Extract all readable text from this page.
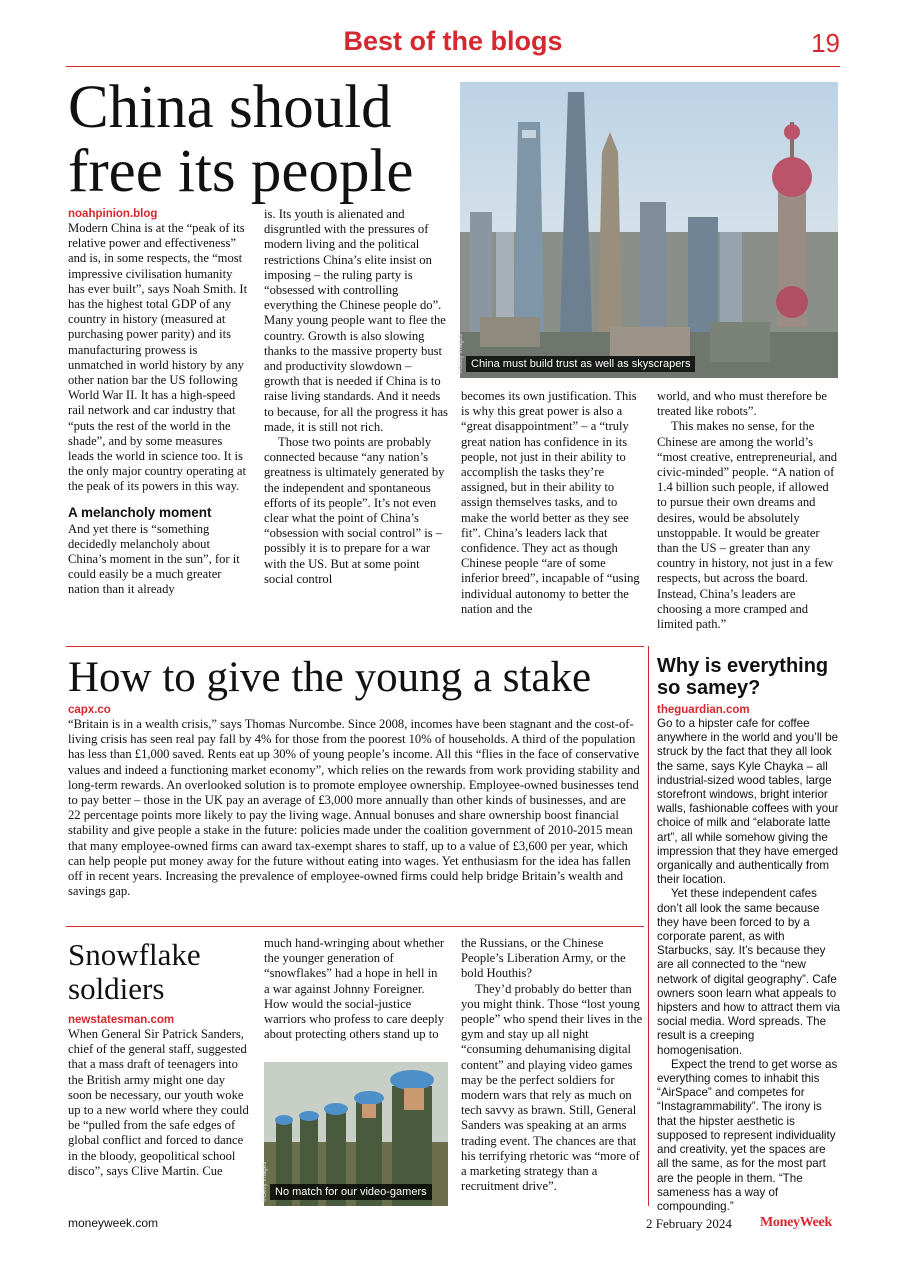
Best of the blogs	19
China should
free its people
©Getty Images China must build trust as well as skyscrapers
noahpinion.blog

Modern China is at the “peak of its relative power and effectiveness” and is, in some respects, the “most impressive civilisation humanity has ever built”, says Noah Smith. It has the highest total GDP of any country in history (measured at purchasing power parity) and its manufacturing prowess is unmatched in world history by any other nation bar the US following World War II. It has a high-speed rail network and car industry that “puts the rest of the world in the shade”, and by some measures leads the world in science too. It is the only major country operating at the peak of its powers in this way.

A melancholy moment

And yet there is “something decidedly melancholy about China’s moment in the sun”, for it could easily be a much greater nation than it already

is. Its youth is alienated and disgruntled with the pressures of modern living and the political restrictions China’s elite insist on imposing – the ruling party is “obsessed with controlling everything the Chinese people do”. Many young people want to flee the country. Growth is also slowing thanks to the massive property bust and productivity slowdown – growth that is needed if China is to raise living standards. And it needs to because, for all the progress it has made, it is still not rich.

Those two points are probably connected because “any nation’s greatness is ultimately generated by the independent and spontaneous efforts of its people”. It’s not even clear what the point of China’s “obsession with social control” is – possibly it is to prepare for a war with the US. But at some point social control

becomes its own justification. This is why this great power is also a “great disappointment” – a “truly great nation has confidence in its people, not just in their ability to accomplish the tasks they’re assigned, but in their ability to assign themselves tasks, and to make the world better as they see fit”. China’s leaders lack that confidence. They act as though Chinese people “are of some inferior breed”, incapable of “using individual autonomy to better the nation and the

world, and who must therefore be treated like robots”.

This makes no sense, for the Chinese are among the world’s “most creative, entrepreneurial, and civic-minded” people. “A nation of 1.4 billion such people, if allowed to pursue their own dreams and desires, would be absolutely unstoppable. It would be greater than the US – greater than any country in history, not just in a few respects, but across the board. Instead, China’s leaders are choosing a more cramped and limited path.”

How to give the young a stake
capx.co

“Britain is in a wealth crisis,” says Thomas Nurcombe. Since 2008, incomes have been stagnant and the cost-of-living crisis has seen real pay fall by 4% for those from the poorest 10% of households. A third of the population has less than £1,000 saved. Rents eat up 30% of young people’s income. All this “flies in the face of conservative values and indeed a functioning market economy”, which relies on the rewards from work providing stability and long-term rewards. An overlooked solution is to promote employee ownership. Employee-owned businesses tend to pay better – those in the UK pay an average of £3,000 more annually than other kinds of businesses, and are 22 percentage points more likely to pay the living wage. Annual bonuses and share ownership boost financial stability and give people a stake in the future: policies made under the coalition government of 2010-2015 mean that many employee-owned firms can award tax-exempt shares to staff, up to a value of £3,600 per year, which can help people put money away for the future without eating into wages. Yet enthusiasm for the idea has fallen off in recent years. Increasing the prevalence of employee-owned firms could help bridge Britain’s wealth and savings gap.

Snowflake
soldiers
newstatesman.com

When General Sir Patrick Sanders, chief of the general staff, suggested that a mass draft of teenagers into the British army might one day soon be necessary, our youth woke up to a new world where they could be “pulled from the safe edges of global conflict and forced to dance in the bloody, geopolitical school disco”, says Clive Martin. Cue

much hand-wringing about whether the younger generation of “snowflakes” had a hope in hell in a war against Johnny Foreigner. How would the social-justice warriors who profess to care deeply about protecting others stand up to

©Getty Images No match for our video-gamers

the Russians, or the Chinese People’s Liberation Army, or the bold Houthis?

They’d probably do better than you might think. Those “lost young people” who spend their lives in the gym and stay up all night “consuming dehumanising digital content” and playing video games may be the perfect soldiers for modern wars that rely as much on tech savvy as brawn. Still, General Sanders was speaking at an arms trading event. The chances are that his terrifying rhetoric was “more of a marketing strategy than a recruitment drive”.

Why is everything
so samey?
theguardian.com

Go to a hipster cafe for coffee anywhere in the world and you’ll be struck by the fact that they all look the same, says Kyle Chayka – all industrial-sized wood tables, large storefront windows, bright interior walls, fashionable coffees with your choice of milk and “elaborate latte art”, all while somehow giving the impression that they have emerged organically and authentically from their location.

Yet these independent cafes don’t all look the same because they have been forced to by a corporate parent, as with Starbucks, say. It’s because they are all connected to the “new network of digital geography”. Cafe owners soon learn what appeals to hipsters and how to attract them via social media. Word spreads. The result is a creeping homogenisation.

Expect the trend to get worse as everything comes to inhabit this “AirSpace” and competes for “Instagrammability”. The irony is that the hipster aesthetic is supposed to represent individuality and creativity, yet the spaces are all the same, as for the most part are the people in them. “The sameness has a way of compounding.”

moneyweek.com	2 February 2024 MoneyWeek
